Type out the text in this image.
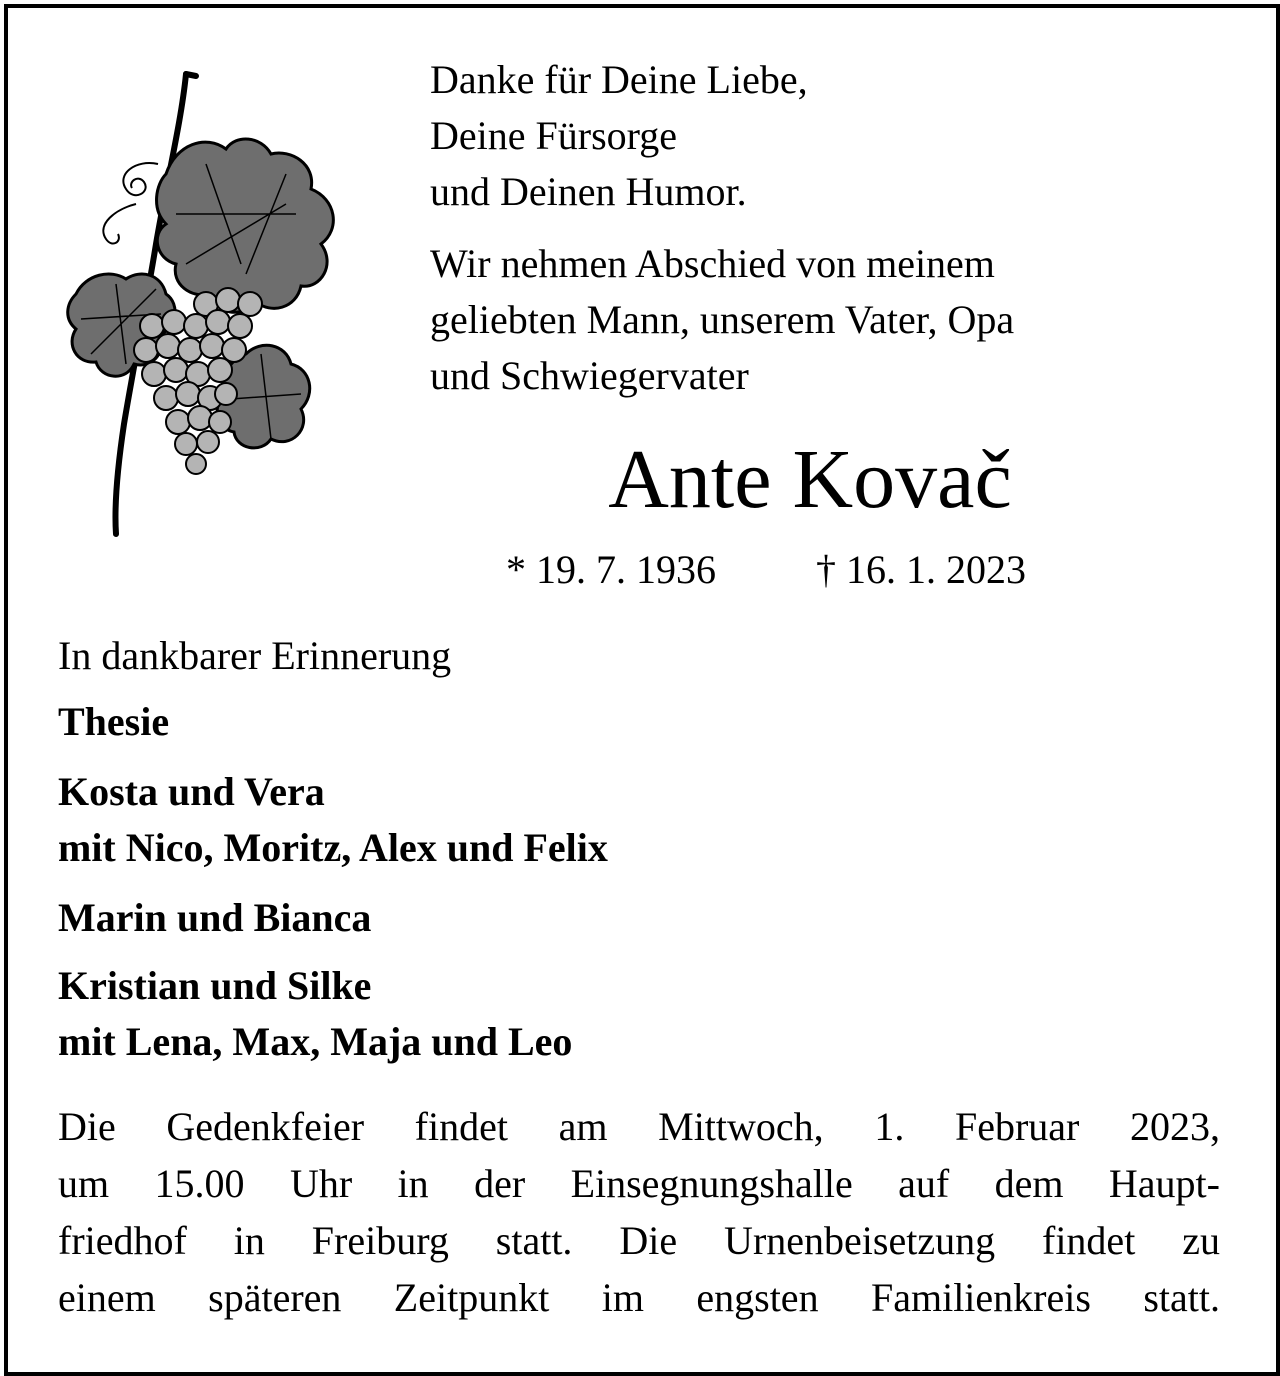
Danke für Deine Liebe,
Deine Fürsorge
und Deinen Humor.
Wir nehmen Abschied von meinem
geliebten Mann, unserem Vater, Opa
und Schwiegervater
Ante Kovač
* 19. 7. 1936	† 16. 1. 2023
In dankbarer Erinnerung
Thesie
Kosta und Vera
mit Nico, Moritz, Alex und Felix
Marin und Bianca
Kristian und Silke
mit Lena, Max, Maja und Leo
Die Gedenkfeier findet am Mittwoch, 1. Februar 2023,
um 15.00 Uhr in der Einsegnungshalle auf dem Haupt-
friedhof in Freiburg statt. Die Urnenbeisetzung findet zu
einem späteren Zeitpunkt im engsten Familienkreis statt.
